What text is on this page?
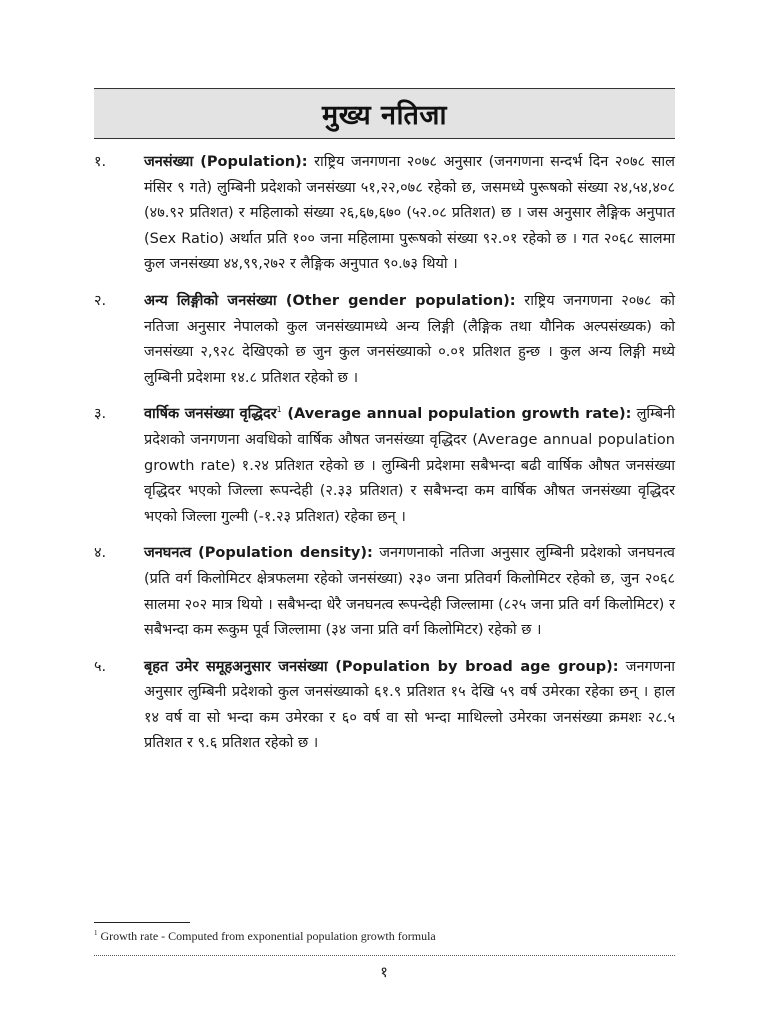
मुख्य नतिजा
१.	जनसंख्या (Population): राष्ट्रिय जनगणना २०७८ अनुसार (जनगणना सन्दर्भ दिन २०७८ साल मंसिर ९ गते) लुम्बिनी प्रदेशको जनसंख्या ५१,२२,०७८ रहेको छ, जसमध्ये पुरूषको संख्या २४,५४,४०८ (४७.९२ प्रतिशत) र महिलाको संख्या २६,६७,६७० (५२.०८ प्रतिशत) छ । जस अनुसार लैङ्गिक अनुपात (Sex Ratio) अर्थात प्रति १०० जना महिलामा पुरूषको संख्या ९२.०१ रहेको छ । गत २०६८ सालमा कुल जनसंख्या ४४,९९,२७२ र लैङ्गिक अनुपात ९०.७३ थियो ।
२.	अन्य लिङ्गीको जनसंख्या (Other gender population): राष्ट्रिय जनगणना २०७८ को नतिजा अनुसार नेपालको कुल जनसंख्यामध्ये अन्य लिङ्गी (लैङ्गिक तथा यौनिक अल्पसंख्यक) को जनसंख्या २,९२८ देखिएको छ जुन कुल जनसंख्याको ०.०१ प्रतिशत हुन्छ । कुल अन्य लिङ्गी मध्ये लुम्बिनी प्रदेशमा १४.८ प्रतिशत रहेको छ ।
३.	वार्षिक जनसंख्या वृद्धिदर$^1$ (Average annual population growth rate): लुम्बिनी प्रदेशको जनगणना अवधिको वार्षिक औषत जनसंख्या वृद्धिदर (Average annual population growth rate) १.२४ प्रतिशत रहेको छ । लुम्बिनी प्रदेशमा सबैभन्दा बढी वार्षिक औषत जनसंख्या वृद्धिदर भएको जिल्ला रूपन्देही (२.३३ प्रतिशत) र सबैभन्दा कम वार्षिक औषत जनसंख्या वृद्धिदर भएको जिल्ला गुल्मी (-१.२३ प्रतिशत) रहेका छन् ।
४.	जनघनत्व (Population density): जनगणनाको नतिजा अनुसार लुम्बिनी प्रदेशको जनघनत्व (प्रति वर्ग किलोमिटर क्षेत्रफलमा रहेको जनसंख्या) २३० जना प्रतिवर्ग किलोमिटर रहेको छ, जुन २०६८ सालमा २०२ मात्र थियो । सबैभन्दा धेरै जनघनत्व रूपन्देही जिल्लामा (८२५ जना प्रति वर्ग किलोमिटर) र सबैभन्दा कम रूकुम पूर्व जिल्लामा (३४ जना प्रति वर्ग किलोमिटर) रहेको छ ।
५.	बृहत उमेर समूहअनुसार जनसंख्या (Population by broad age group): जनगणना अनुसार लुम्बिनी प्रदेशको कुल जनसंख्याको ६१.९ प्रतिशत १५ देखि ५९ वर्ष उमेरका रहेका छन् । हाल १४ वर्ष वा सो भन्दा कम उमेरका र ६० वर्ष वा सो भन्दा माथिल्लो उमेरका जनसंख्या क्रमशः २८.५ प्रतिशत र ९.६ प्रतिशत रहेको छ ।
$^1$ Growth rate - Computed from exponential population growth formula
१
